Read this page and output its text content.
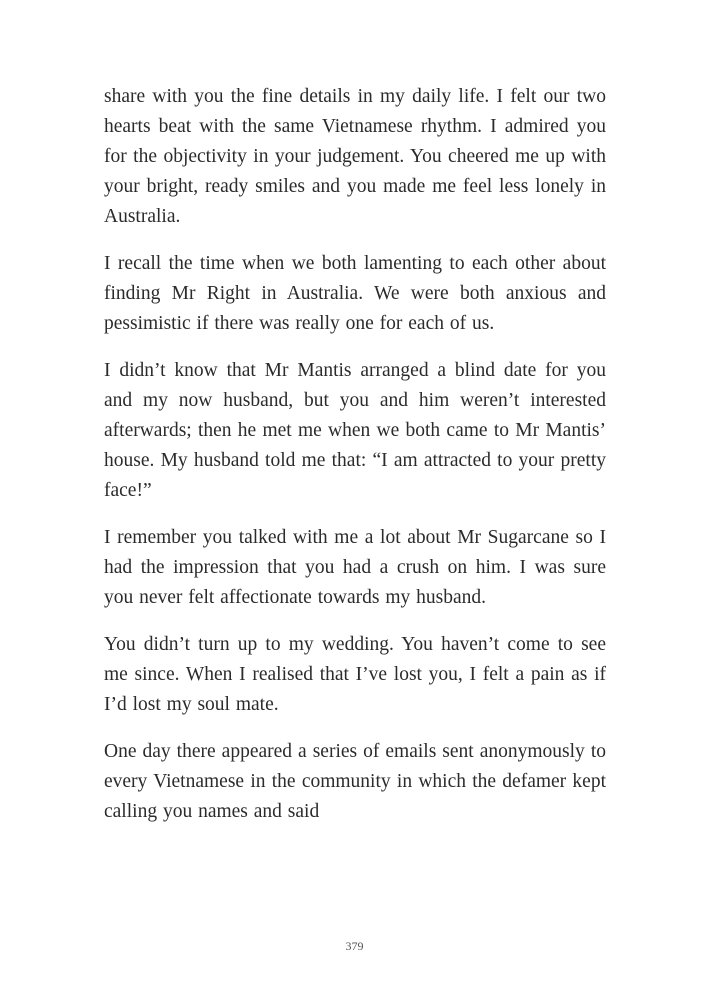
share with you the fine details in my daily life. I felt our two hearts beat with the same Vietnamese rhythm. I admired you for the objectivity in your judgement. You cheered me up with your bright, ready smiles and you made me feel less lonely in Australia.

I recall the time when we both lamenting to each other about finding Mr Right in Australia. We were both anxious and pessimistic if there was really one for each of us.

I didn’t know that Mr Mantis arranged a blind date for you and my now husband, but you and him weren’t interested afterwards; then he met me when we both came to Mr Mantis’ house. My husband told me that: “I am attracted to your pretty face!”

I remember you talked with me a lot about Mr Sugarcane so I had the impression that you had a crush on him. I was sure you never felt affectionate towards my husband.

You didn’t turn up to my wedding. You haven’t come to see me since. When I realised that I’ve lost you, I felt a pain as if I’d lost my soul mate.

One day there appeared a series of emails sent anonymously to every Vietnamese in the community in which the defamer kept calling you names and said

379
